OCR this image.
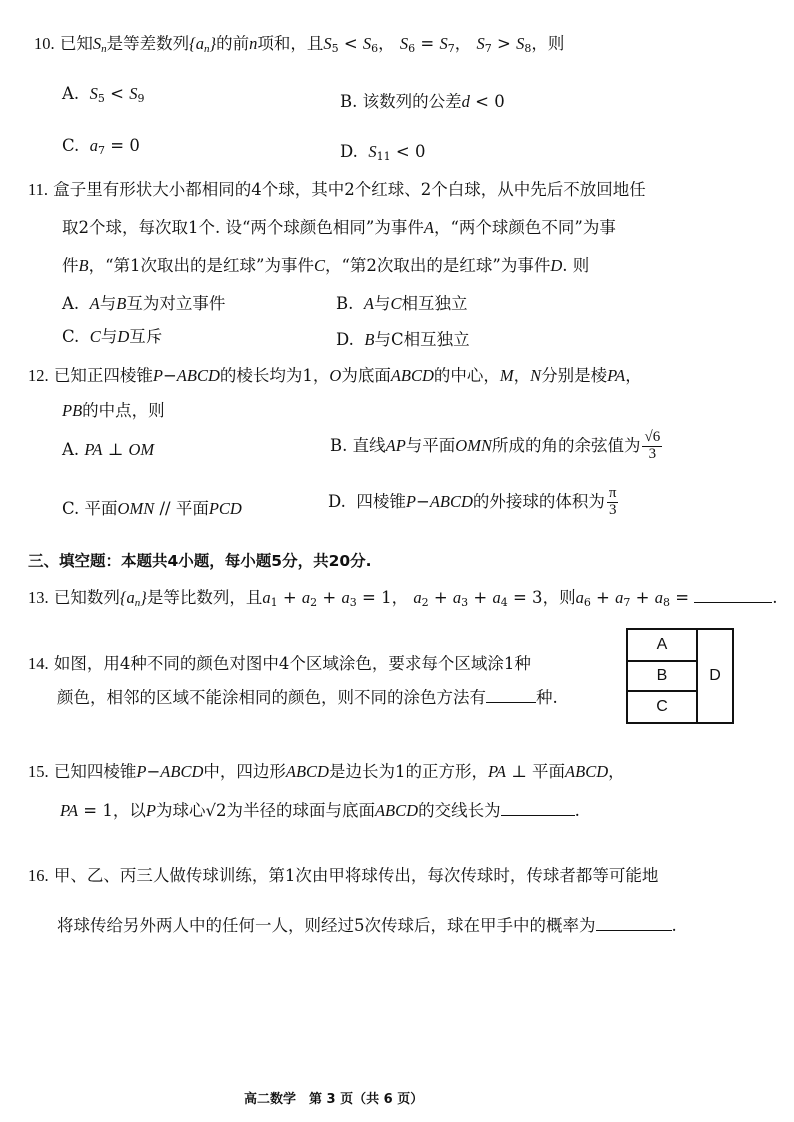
10. 已知$S_n$是等差数列$\{a_n\}$的前n项和，且$S_5 < S_6$， $S_6 = S_7$， $S_7 > S_8$，则
A. $S_5 < S_9$	B. 该数列的公差d < 0
C. $a_7 = 0$	D. $S_{11} < 0$
11. 盒子里有形状大小都相同的4个球，其中2个红球、2个白球，从中先后不放回地任
取2个球，每次取1个. 设“两个球颜色相同”为事件A，“两个球颜色不同”为事
件B，“第1次取出的是红球”为事件C，“第2次取出的是红球”为事件D. 则
A. A与B互为对立事件	B. A与C相互独立
C. C与D互斥	D. B与C相互独立
12. 已知正四棱锥P−ABCD的棱长均为1，O为底面ABCD的中心，M，N分别是棱PA，
PB的中点，则
A. PA ⊥ OM	B. 直线AP与平面OMN所成的角的余弦值为 $\frac{√6}{3}$
C. 平面OMN // 平面PCD	D. 四棱锥P−ABCD的外接球的体积为 $\frac{\pi}{3}$
三、填空题：本题共4小题，每小题5分，共20分.
13. 已知数列$\{a_n\}$是等比数列，且$a_1 + a_2 + a_3 = 1$， $a_2 + a_3 + a_4 = 3$，则$a_6 + a_7 + a_8$ =	.
14. 如图，用4种不同的颜色对图中4个区域涂色，要求每个区域涂1种
颜色，相邻的区域不能涂相同的颜色，则不同的涂色方法有	种.
A
B
C
D
15. 已知四棱锥P−ABCD中，四边形ABCD是边长为1的正方形，PA ⊥ 平面ABCD，
PA = 1，以P为球心√2为半径的球面与底面ABCD的交线长为	.
16. 甲、乙、丙三人做传球训练，第1次由甲将球传出，每次传球时，传球者都等可能地
将球传给另外两人中的任何一人，则经过5次传球后，球在甲手中的概率为	.
高二数学　第 3 页（共 6 页）
